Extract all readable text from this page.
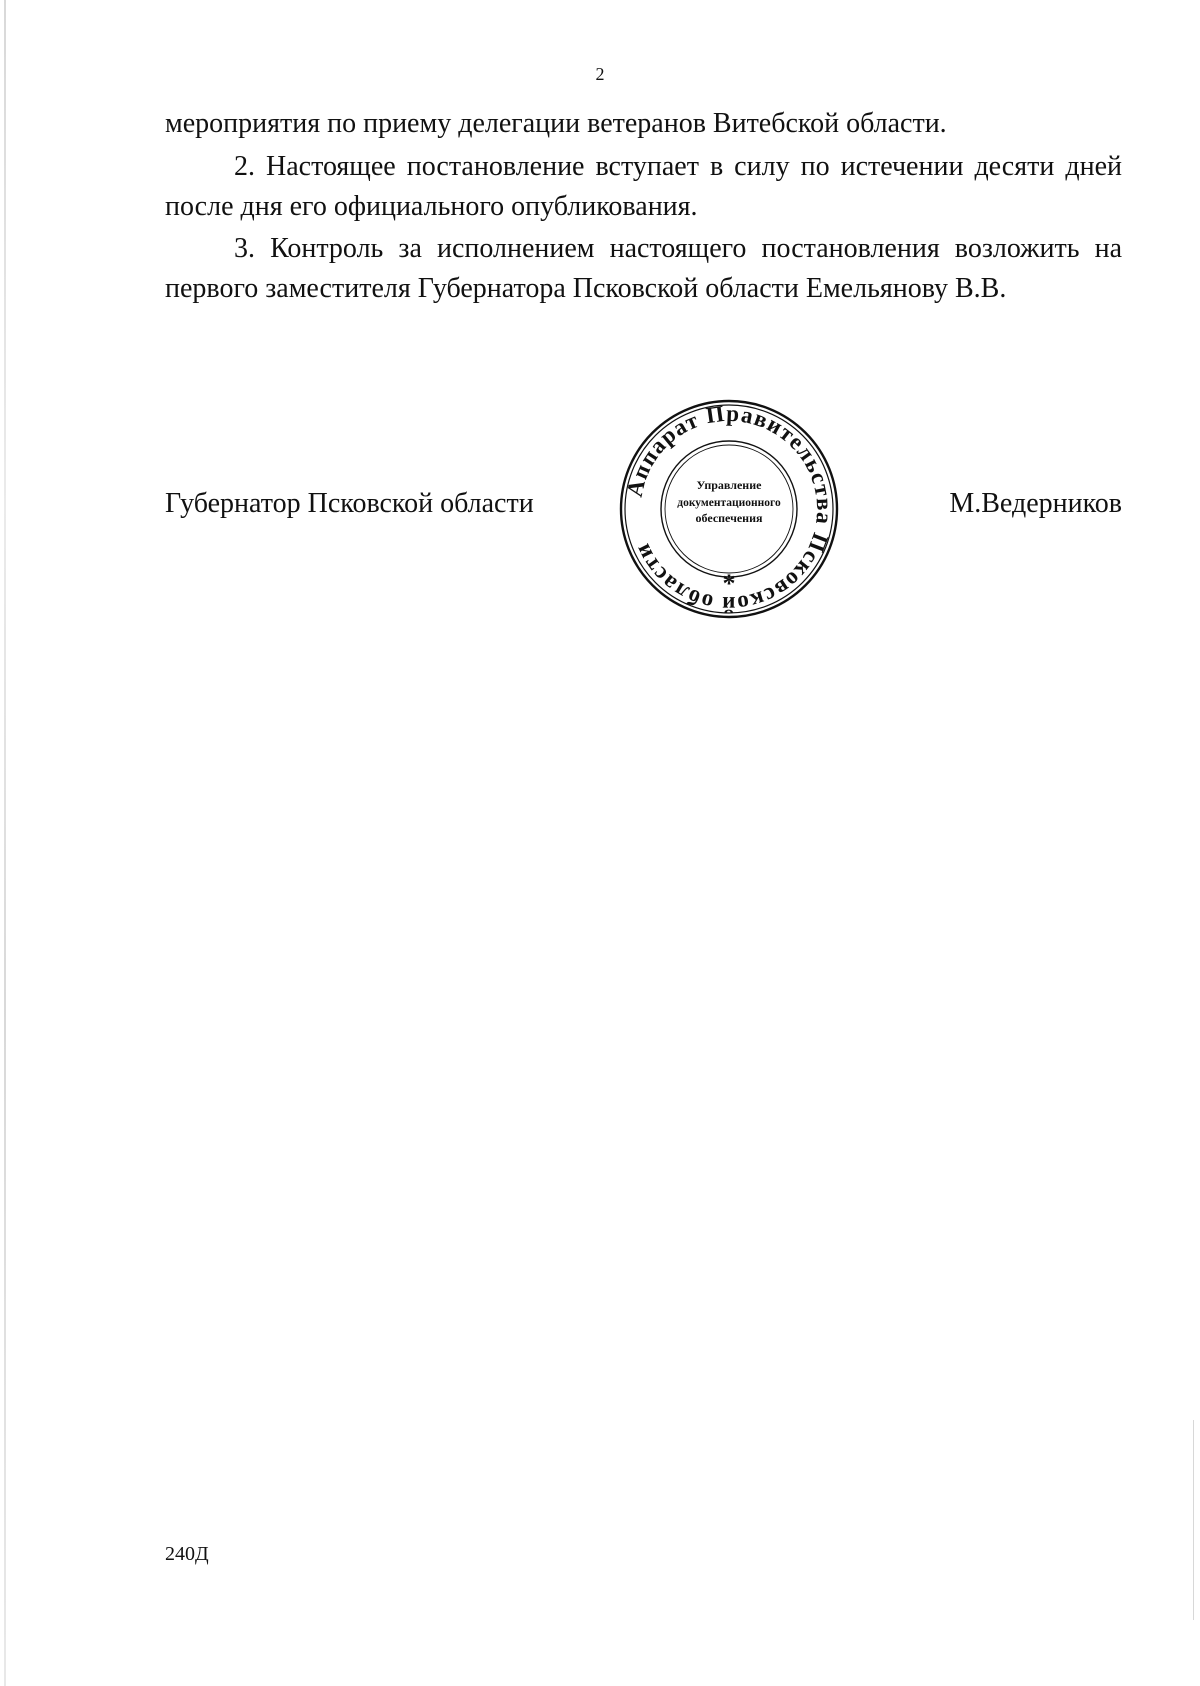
2
мероприятия по приему делегации ветеранов Витебской области.
2. Настоящее постановление вступает в силу по истечении десяти дней после дня его официального опубликования.
3. Контроль за исполнением настоящего постановления возложить на первого заместителя Губернатора Псковской области Емельянову В.В.
Губернатор Псковской области	М.Ведерников
Аппарат Правительства Псковской области
*
Управление
документационного
обеспечения
240Д
